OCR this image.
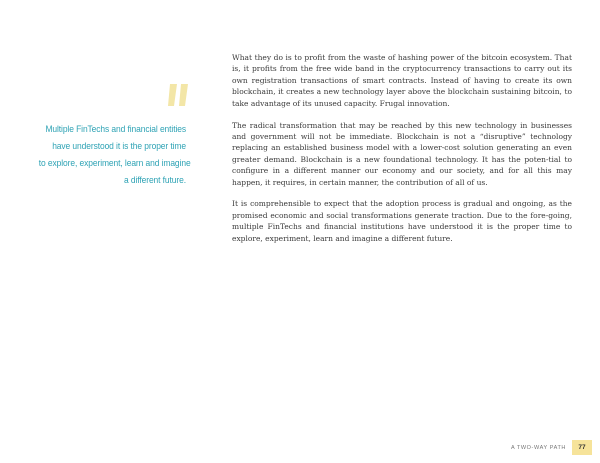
Multiple FinTechs and financial entities
have understood it is the proper time
to explore, experiment, learn and imagine
a different future.

What they do is to profit from the waste of hashing power of the bitcoin ecosystem. That is, it profits from the free wide band in the cryptocurrency transactions to carry out its own registration transactions of smart contracts. Instead of having to create its own blockchain, it creates a new technology layer above the blockchain sustaining bitcoin, to take advantage of its unused capacity. Frugal innovation.

The radical transformation that may be reached by this new technology in businesses and government will not be immediate. Blockchain is not a “disruptive” technology replacing an established business model with a lower-cost solution generating an even greater demand. Blockchain is a new foundational technology. It has the poten-tial to configure in a different manner our economy and our society, and for all this may happen, it requires, in certain manner, the contribution of all of us.

It is comprehensible to expect that the adoption process is gradual and ongoing, as the promised economic and social transformations generate traction. Due to the fore-going, multiple FinTechs and financial institutions have understood it is the proper time to explore, experiment, learn and imagine a different future.

A TWO-WAY PATH	77
